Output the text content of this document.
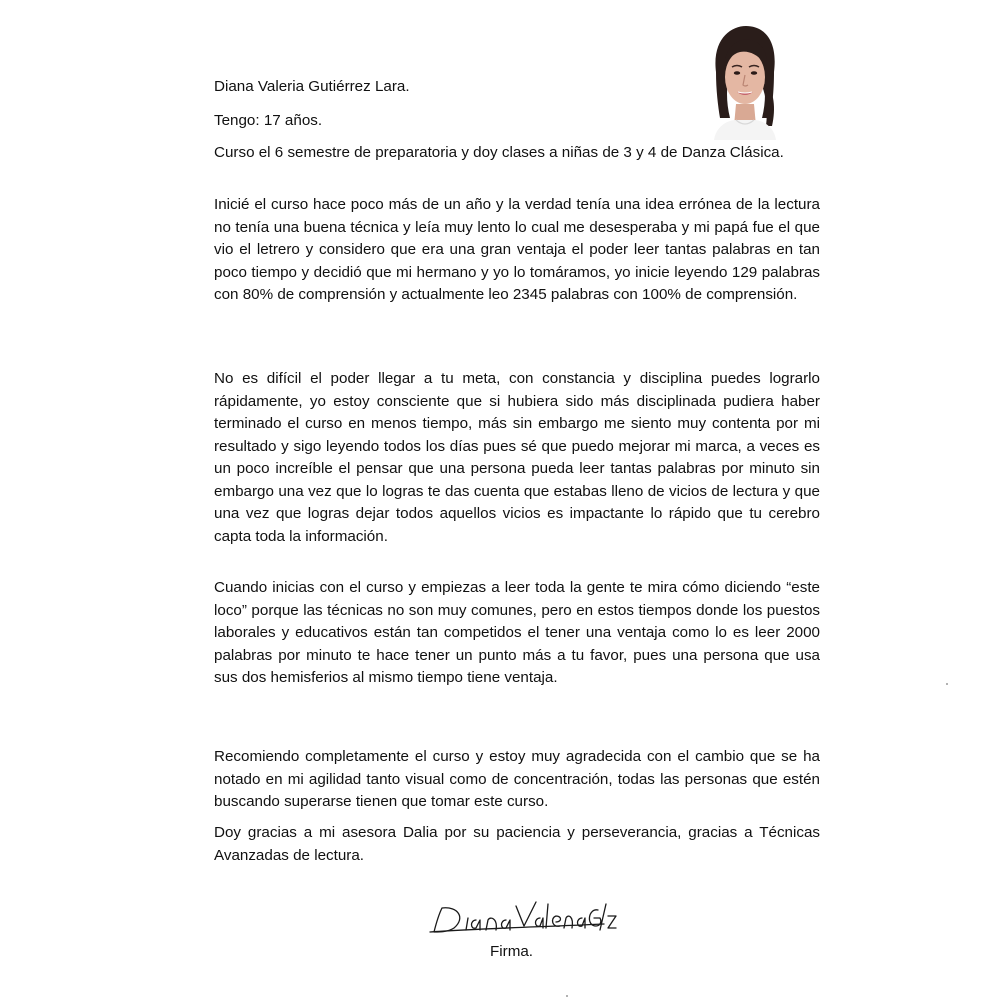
Diana Valeria Gutiérrez Lara.

Tengo: 17 años.

Curso el 6 semestre de preparatoria y doy clases a niñas de 3 y 4 de Danza Clásica.

Inicié el curso hace poco más de un año y la verdad tenía una idea errónea de la lectura no tenía una buena técnica y leía muy lento lo cual me desesperaba y mi papá fue el que vio el letrero y considero que era una gran ventaja el poder leer tantas palabras en tan poco tiempo y decidió que mi hermano y yo lo tomáramos, yo inicie leyendo 129 palabras con 80% de comprensión y actualmente leo 2345 palabras con 100% de comprensión.

No es difícil el poder llegar a tu meta, con constancia y disciplina puedes lograrlo rápidamente, yo estoy consciente que si hubiera sido más disciplinada pudiera haber terminado el curso en menos tiempo, más sin embargo me siento muy contenta por mi resultado y sigo leyendo todos los días pues sé que puedo mejorar mi marca, a veces es un poco increíble el pensar que una persona pueda leer tantas palabras por minuto sin embargo una vez que lo logras te das cuenta que estabas lleno de vicios de lectura y que una vez que logras dejar todos aquellos vicios es impactante lo rápido que tu cerebro capta toda la información.

Cuando inicias con el curso y empiezas a leer toda la gente te mira cómo diciendo “este loco” porque las técnicas no son muy comunes, pero en estos tiempos donde los puestos laborales y educativos están tan competidos el tener una ventaja como lo es leer 2000 palabras por minuto te hace tener un punto más a tu favor, pues una persona que usa sus dos hemisferios al mismo tiempo tiene ventaja.

Recomiendo completamente el curso y estoy muy agradecida con el cambio que se ha notado en mi agilidad tanto visual como de concentración, todas las personas que estén buscando superarse tienen que tomar este curso.

Doy gracias a mi asesora Dalia por su paciencia y perseverancia, gracias a Técnicas Avanzadas de lectura.

Firma.
